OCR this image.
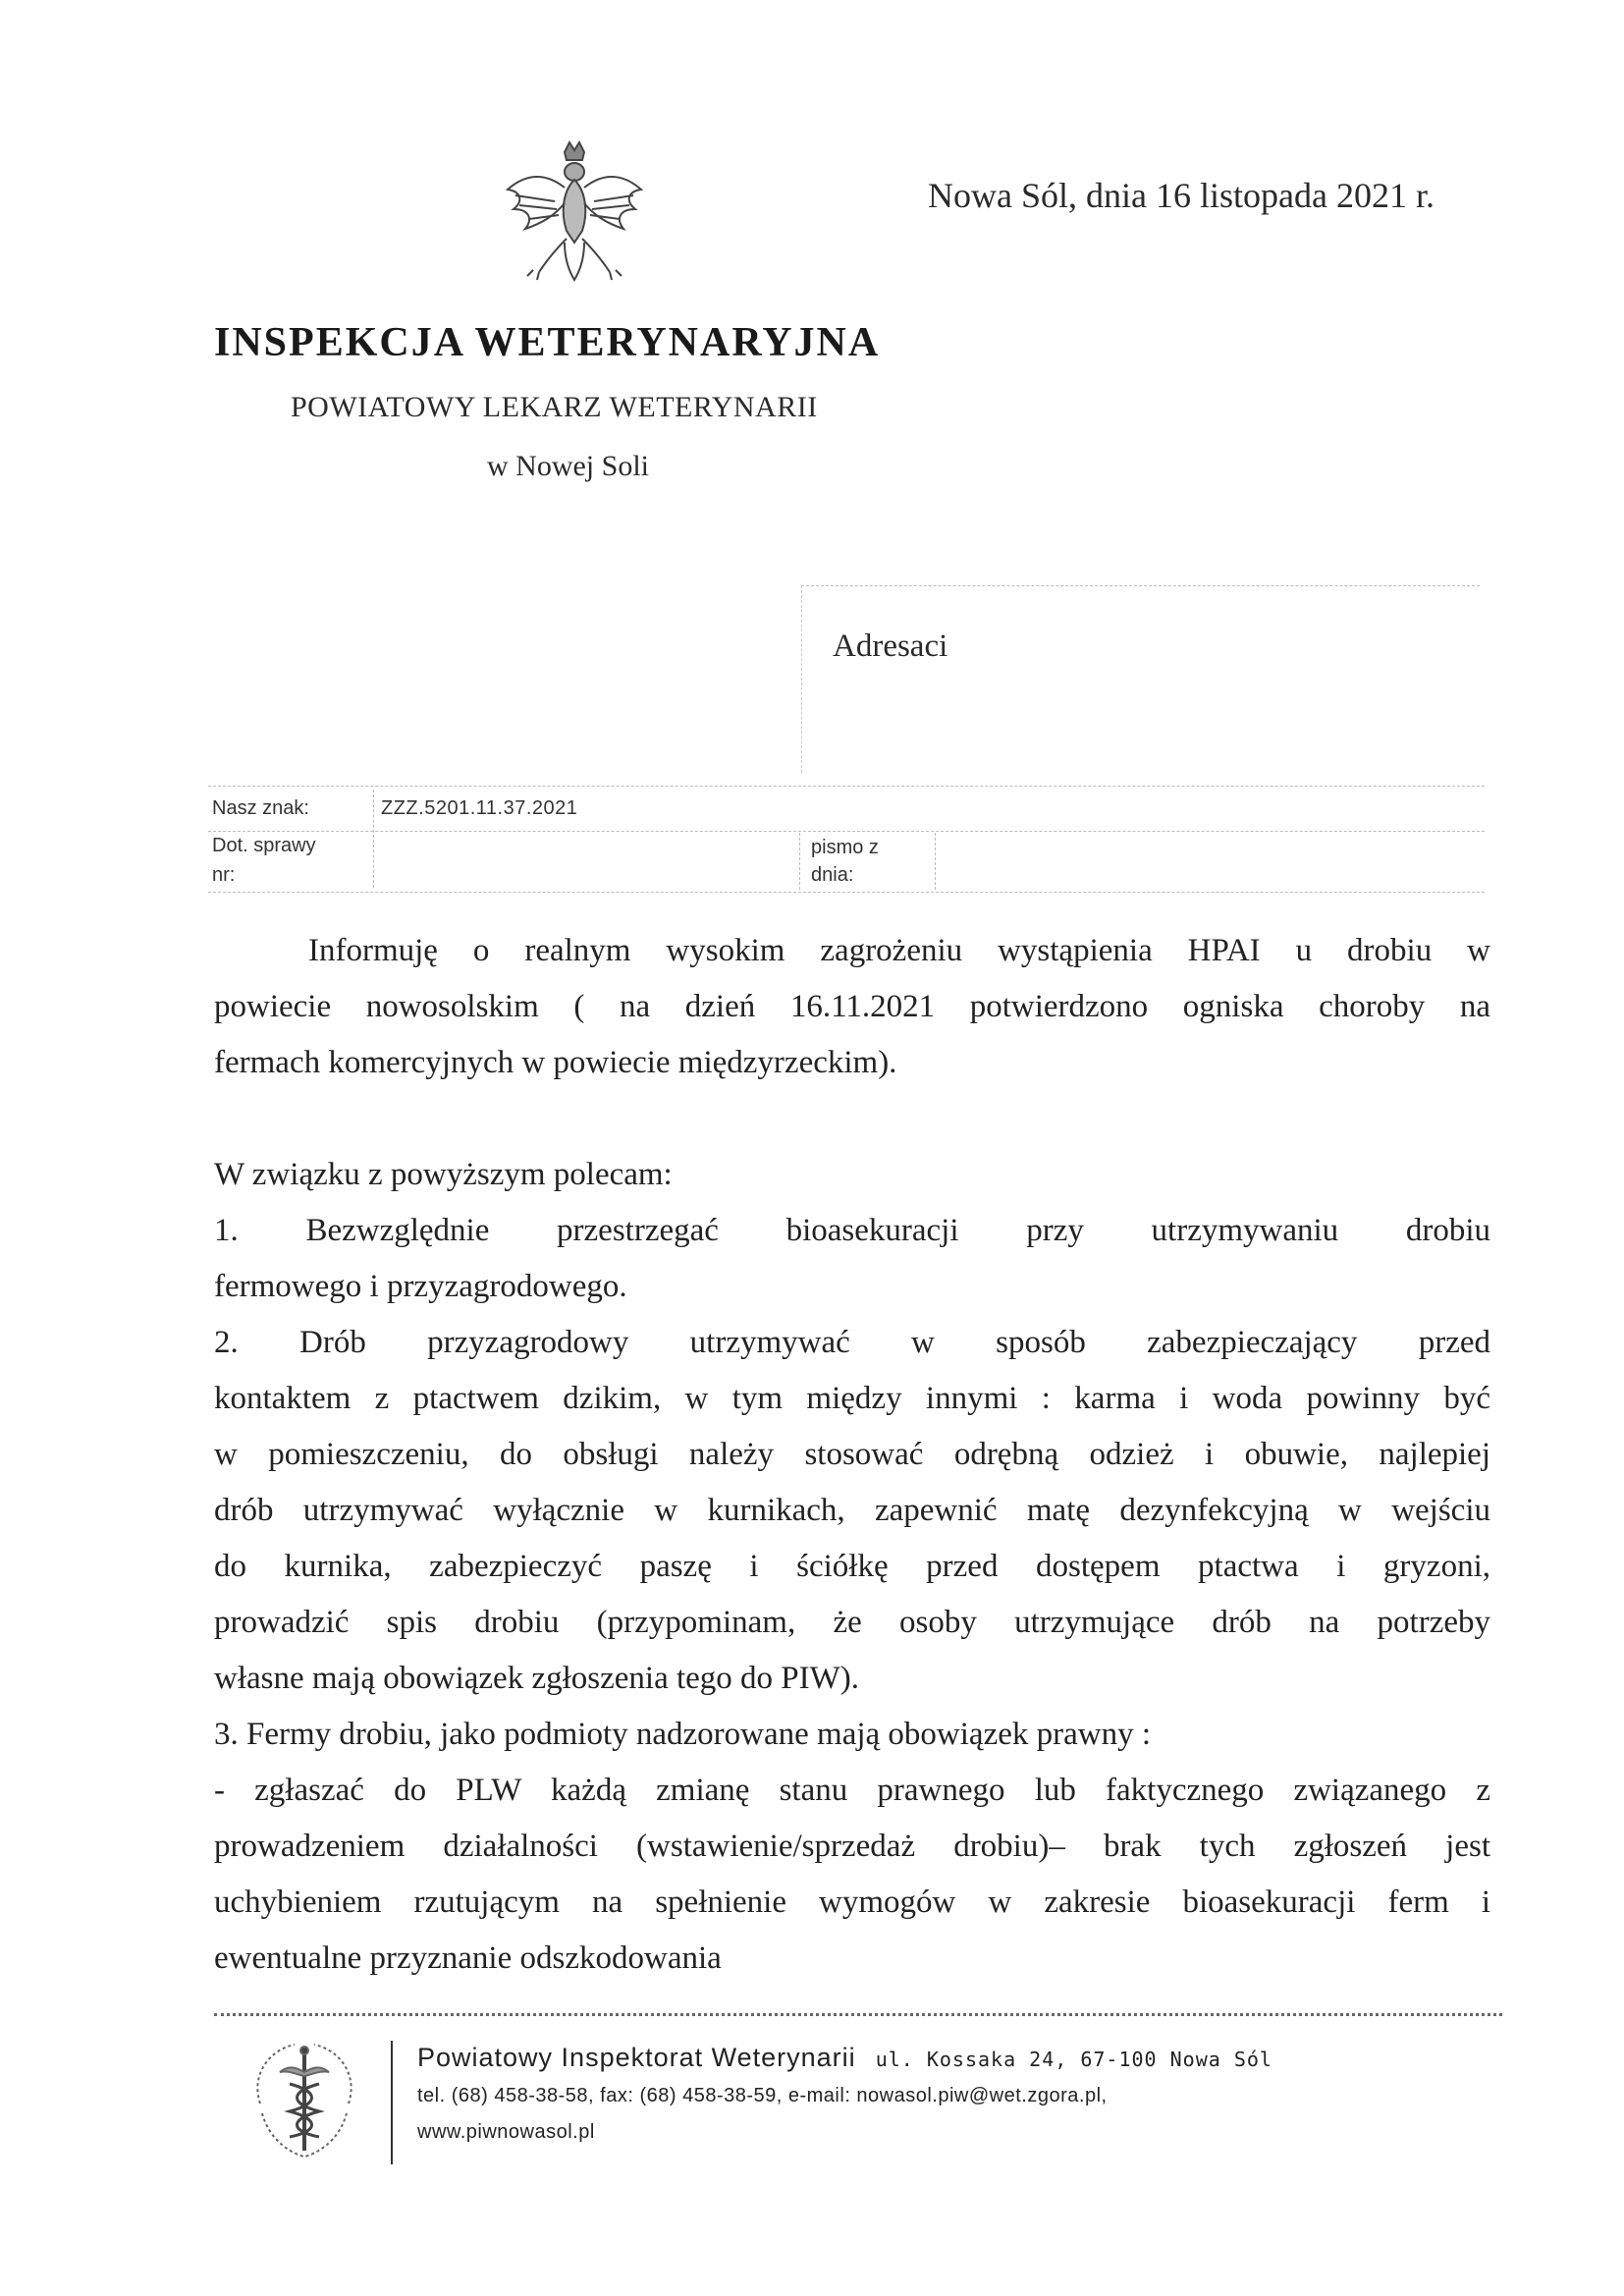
Nowa Sól, dnia 16 listopada 2021 r.
INSPEKCJA WETERYNARYJNA
POWIATOWY LEKARZ WETERYNARII
w Nowej Soli
Adresaci
Nasz znak:	ZZZ.5201.11.37.2021
Dot. sprawy
nr:
pismo z
dnia:
Informuję o realnym wysokim zagrożeniu wystąpienia HPAI u drobiu w
powiecie nowosolskim ( na dzień 16.11.2021 potwierdzono ogniska choroby na
fermach komercyjnych w powiecie międzyrzeckim).
W związku z powyższym polecam:
1. Bezwzględnie przestrzegać bioasekuracji przy utrzymywaniu drobiu
fermowego i przyzagrodowego.
2. Drób przyzagrodowy utrzymywać w sposób zabezpieczający przed
kontaktem z ptactwem dzikim, w tym między innymi : karma i woda powinny być
w pomieszczeniu, do obsługi należy stosować odrębną odzież i obuwie, najlepiej
drób utrzymywać wyłącznie w kurnikach, zapewnić matę dezynfekcyjną w wejściu
do kurnika, zabezpieczyć paszę i ściółkę przed dostępem ptactwa i gryzoni,
prowadzić spis drobiu (przypominam, że osoby utrzymujące drób na potrzeby
własne mają obowiązek zgłoszenia tego do PIW).
3. Fermy drobiu, jako podmioty nadzorowane mają obowiązek prawny :
- zgłaszać do PLW każdą zmianę stanu prawnego lub faktycznego związanego z
prowadzeniem działalności (wstawienie/sprzedaż drobiu)– brak tych zgłoszeń jest
uchybieniem rzutującym na spełnienie wymogów w zakresie bioasekuracji ferm i
ewentualne przyznanie odszkodowania
Powiatowy Inspektorat Weterynarii ul. Kossaka 24, 67-100 Nowa Sól
tel. (68) 458-38-58, fax: (68) 458-38-59, e-mail: nowasol.piw@wet.zgora.pl,
www.piwnowasol.pl
